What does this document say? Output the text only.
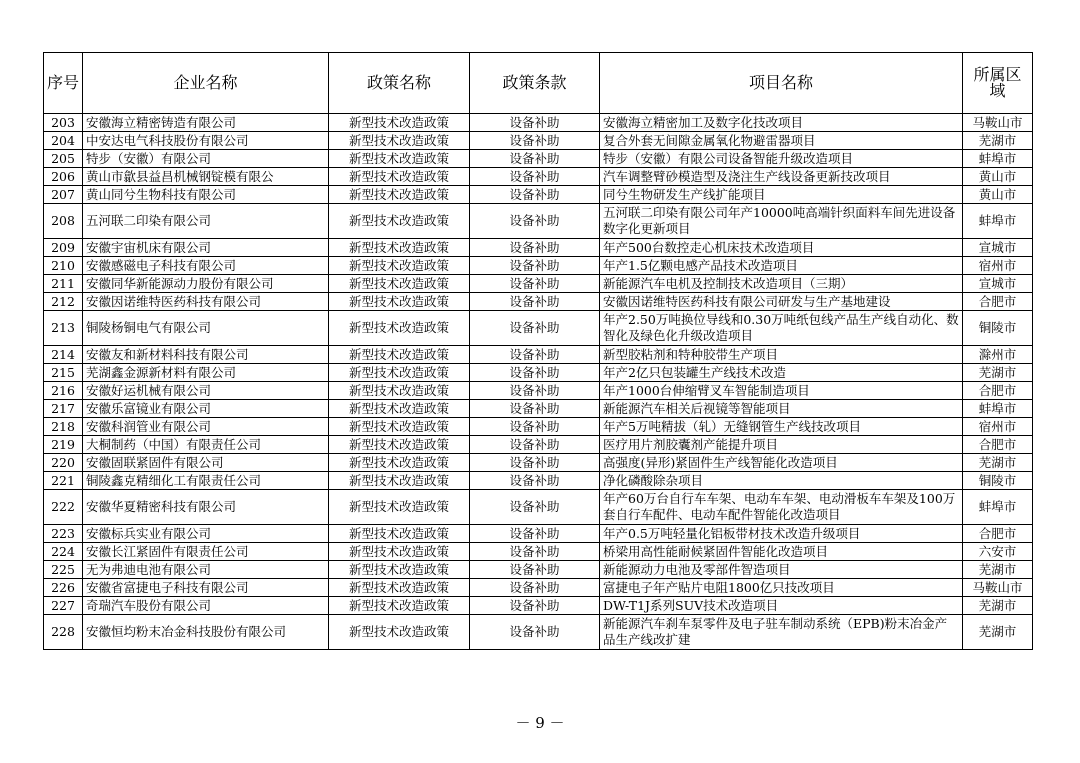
序号	企业名称	政策名称	政策条款	项目名称	所属区域
203	安徽海立精密铸造有限公司	新型技术改造政策	设备补助	安徽海立精密加工及数字化技改项目	马鞍山市
204	中安达电气科技股份有限公司	新型技术改造政策	设备补助	复合外套无间隙金属氧化物避雷器项目	芜湖市
205	特步（安徽）有限公司	新型技术改造政策	设备补助	特步（安徽）有限公司设备智能升级改造项目	蚌埠市
206	黄山市歙县益昌机械钢锭模有限公	新型技术改造政策	设备补助	汽车调整臂砂模造型及浇注生产线设备更新技改项目	黄山市
207	黄山同兮生物科技有限公司	新型技术改造政策	设备补助	同兮生物研发生产线扩能项目	黄山市
208	五河联二印染有限公司	新型技术改造政策	设备补助	五河联二印染有限公司年产10000吨高端针织面料车间先进设备数字化更新项目	蚌埠市
209	安徽宇宙机床有限公司	新型技术改造政策	设备补助	年产500台数控走心机床技术改造项目	宣城市
210	安徽感磁电子科技有限公司	新型技术改造政策	设备补助	年产1.5亿颗电感产品技术改造项目	宿州市
211	安徽同华新能源动力股份有限公司	新型技术改造政策	设备补助	新能源汽车电机及控制技术改造项目（三期）	宣城市
212	安徽因诺维特医药科技有限公司	新型技术改造政策	设备补助	安徽因诺维特医药科技有限公司研发与生产基地建设	合肥市
213	铜陵杨铜电气有限公司	新型技术改造政策	设备补助	年产2.50万吨换位导线和0.30万吨纸包线产品生产线自动化、数智化及绿色化升级改造项目	铜陵市
214	安徽友和新材料科技有限公司	新型技术改造政策	设备补助	新型胶粘剂和特种胶带生产项目	滁州市
215	芜湖鑫金源新材料有限公司	新型技术改造政策	设备补助	年产2亿只包装罐生产线技术改造	芜湖市
216	安徽好运机械有限公司	新型技术改造政策	设备补助	年产1000台伸缩臂叉车智能制造项目	合肥市
217	安徽乐富镜业有限公司	新型技术改造政策	设备补助	新能源汽车相关后视镜等智能项目	蚌埠市
218	安徽科润管业有限公司	新型技术改造政策	设备补助	年产5万吨精拔（轧）无缝钢管生产线技改项目	宿州市
219	大桐制药（中国）有限责任公司	新型技术改造政策	设备补助	医疗用片剂胶囊剂产能提升项目	合肥市
220	安徽固联紧固件有限公司	新型技术改造政策	设备补助	高强度(异形)紧固件生产线智能化改造项目	芜湖市
221	铜陵鑫克精细化工有限责任公司	新型技术改造政策	设备补助	净化磷酸除杂项目	铜陵市
222	安徽华夏精密科技有限公司	新型技术改造政策	设备补助	年产60万台自行车车架、电动车车架、电动滑板车车架及100万套自行车配件、电动车配件智能化改造项目	蚌埠市
223	安徽标兵实业有限公司	新型技术改造政策	设备补助	年产0.5万吨轻量化铝板带材技术改造升级项目	合肥市
224	安徽长江紧固件有限责任公司	新型技术改造政策	设备补助	桥梁用高性能耐候紧固件智能化改造项目	六安市
225	无为弗迪电池有限公司	新型技术改造政策	设备补助	新能源动力电池及零部件智造项目	芜湖市
226	安徽省富捷电子科技有限公司	新型技术改造政策	设备补助	富捷电子年产贴片电阻1800亿只技改项目	马鞍山市
227	奇瑞汽车股份有限公司	新型技术改造政策	设备补助	DW-T1J系列SUV技术改造项目	芜湖市
228	安徽恒均粉末冶金科技股份有限公司	新型技术改造政策	设备补助	新能源汽车刹车泵零件及电子驻车制动系统（EPB)粉末冶金产品生产线改扩建	芜湖市
－ 9 －
